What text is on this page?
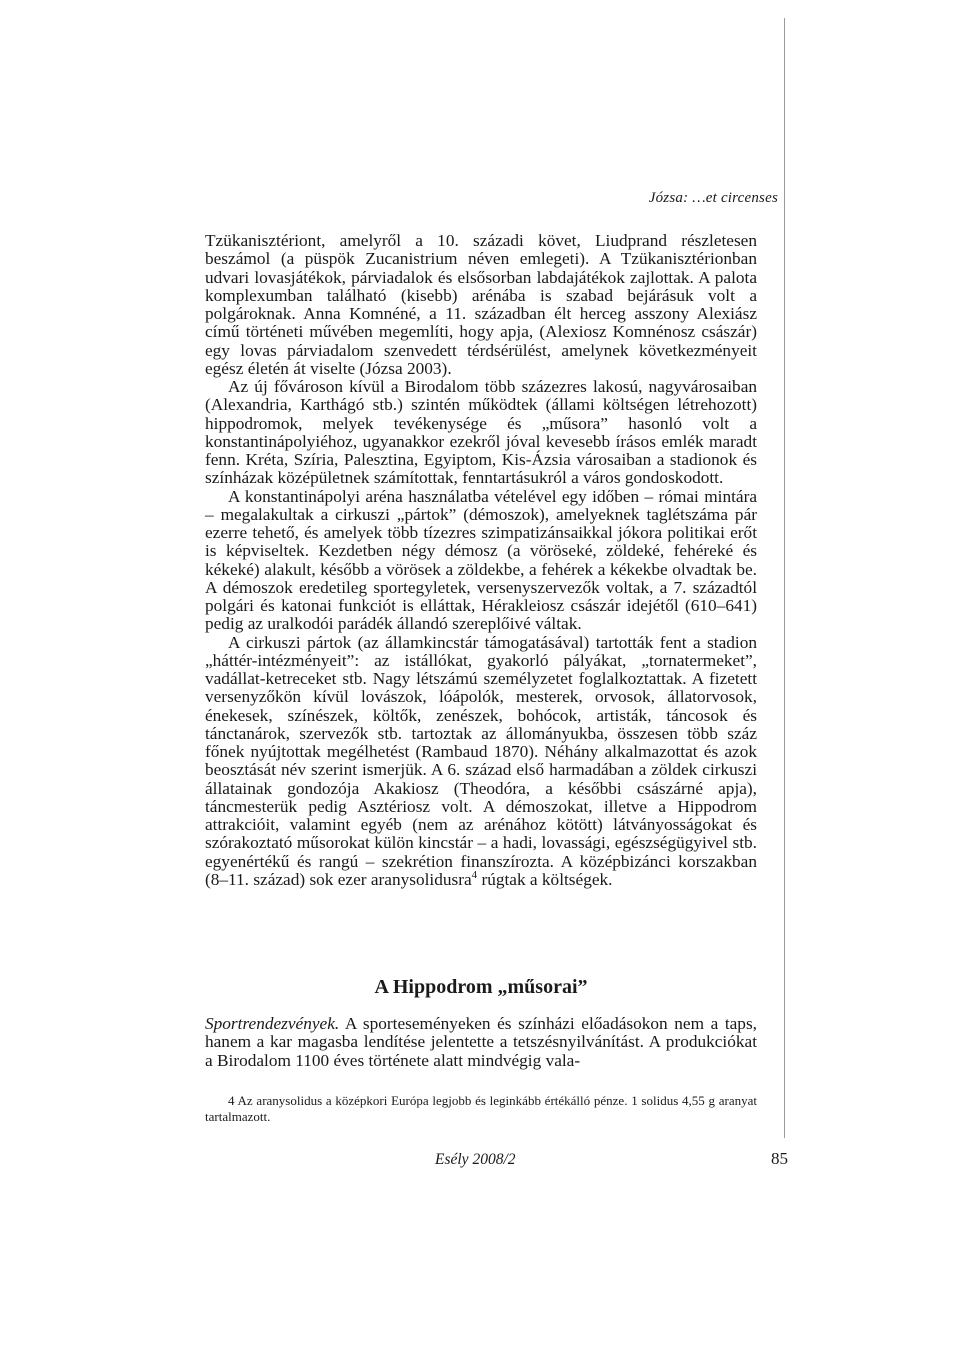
Józsa: …et circenses

Tzükanisztériont, amelyről a 10. századi követ, Liudprand részletesen beszámol (a püspök Zucanistrium néven emlegeti). A Tzükanisztérionban udvari lovasjátékok, párviadalok és elsősorban labdajátékok zajlottak. A palota komplexumban található (kisebb) arénába is szabad bejárásuk volt a polgároknak. Anna Komnéné, a 11. században élt herceg asszony Alexiász című történeti művében megemlíti, hogy apja, (Alexiosz Komnénosz császár) egy lovas párviadalom szenvedett térdsérülést, amelynek következményeit egész életén át viselte (Józsa 2003).

Az új fővároson kívül a Birodalom több százezres lakosú, nagyvárosaiban (Alexandria, Karthágó stb.) szintén működtek (állami költségen létrehozott) hippodromok, melyek tevékenysége és „műsora” hasonló volt a konstantinápolyiéhoz, ugyanakkor ezekről jóval kevesebb írásos emlék maradt fenn. Kréta, Szíria, Palesztina, Egyiptom, Kis-Ázsia városaiban a stadionok és színházak középületnek számítottak, fenntartásukról a város gondoskodott.

A konstantinápolyi aréna használatba vételével egy időben – római mintára – megalakultak a cirkuszi „pártok” (démoszok), amelyeknek taglétszáma pár ezerre tehető, és amelyek több tízezres szimpatizánsaikkal jókora politikai erőt is képviseltek. Kezdetben négy démosz (a vöröseké, zöldeké, fehéreké és kékeké) alakult, később a vörösek a zöldekbe, a fehérek a kékekbe olvadtak be. A démoszok eredetileg sportegyletek, versenyszervezők voltak, a 7. századtól polgári és katonai funkciót is elláttak, Hérakleiosz császár idejétől (610–641) pedig az uralkodói parádék állandó szereplőivé váltak.

A cirkuszi pártok (az államkincstár támogatásával) tartották fent a stadion „háttér-intézményeit”: az istállókat, gyakorló pályákat, „tornatermeket”, vadállat-ketreceket stb. Nagy létszámú személyzetet foglalkoztattak. A fizetett versenyzőkön kívül lovászok, lóápolók, mesterek, orvosok, állatorvosok, énekesek, színészek, költők, zenészek, bohócok, artisták, táncosok és tánctanárok, szervezők stb. tartoztak az állományukba, összesen több száz főnek nyújtottak megélhetést (Rambaud 1870). Néhány alkalmazottat és azok beosztását név szerint ismerjük. A 6. század első harmadában a zöldek cirkuszi állatainak gondozója Akakiosz (Theodóra, a későbbi császárné apja), táncmesterük pedig Asztériosz volt. A démoszokat, illetve a Hippodrom attrakcióit, valamint egyéb (nem az arénához kötött) látványosságokat és szórakoztató műsorokat külön kincstár – a hadi, lovassági, egészségügyivel stb. egyenértékű és rangú – szekrétion finanszírozta. A középbizánci korszakban (8–11. század) sok ezer aranysolidusra$^4$ rúgtak a költségek.

A Hippodrom „műsorai”

Sportrendezvények. A sporteseményeken és színházi előadásokon nem a taps, hanem a kar magasba lendítése jelentette a tetszésnyilvánítást. A produkciókat a Birodalom 1100 éves története alatt mindvégig vala-

4 Az aranysolidus a középkori Európa legjobb és leginkább értékálló pénze. 1 solidus 4,55 g aranyat tartalmazott.

Esély 2008/2	85
